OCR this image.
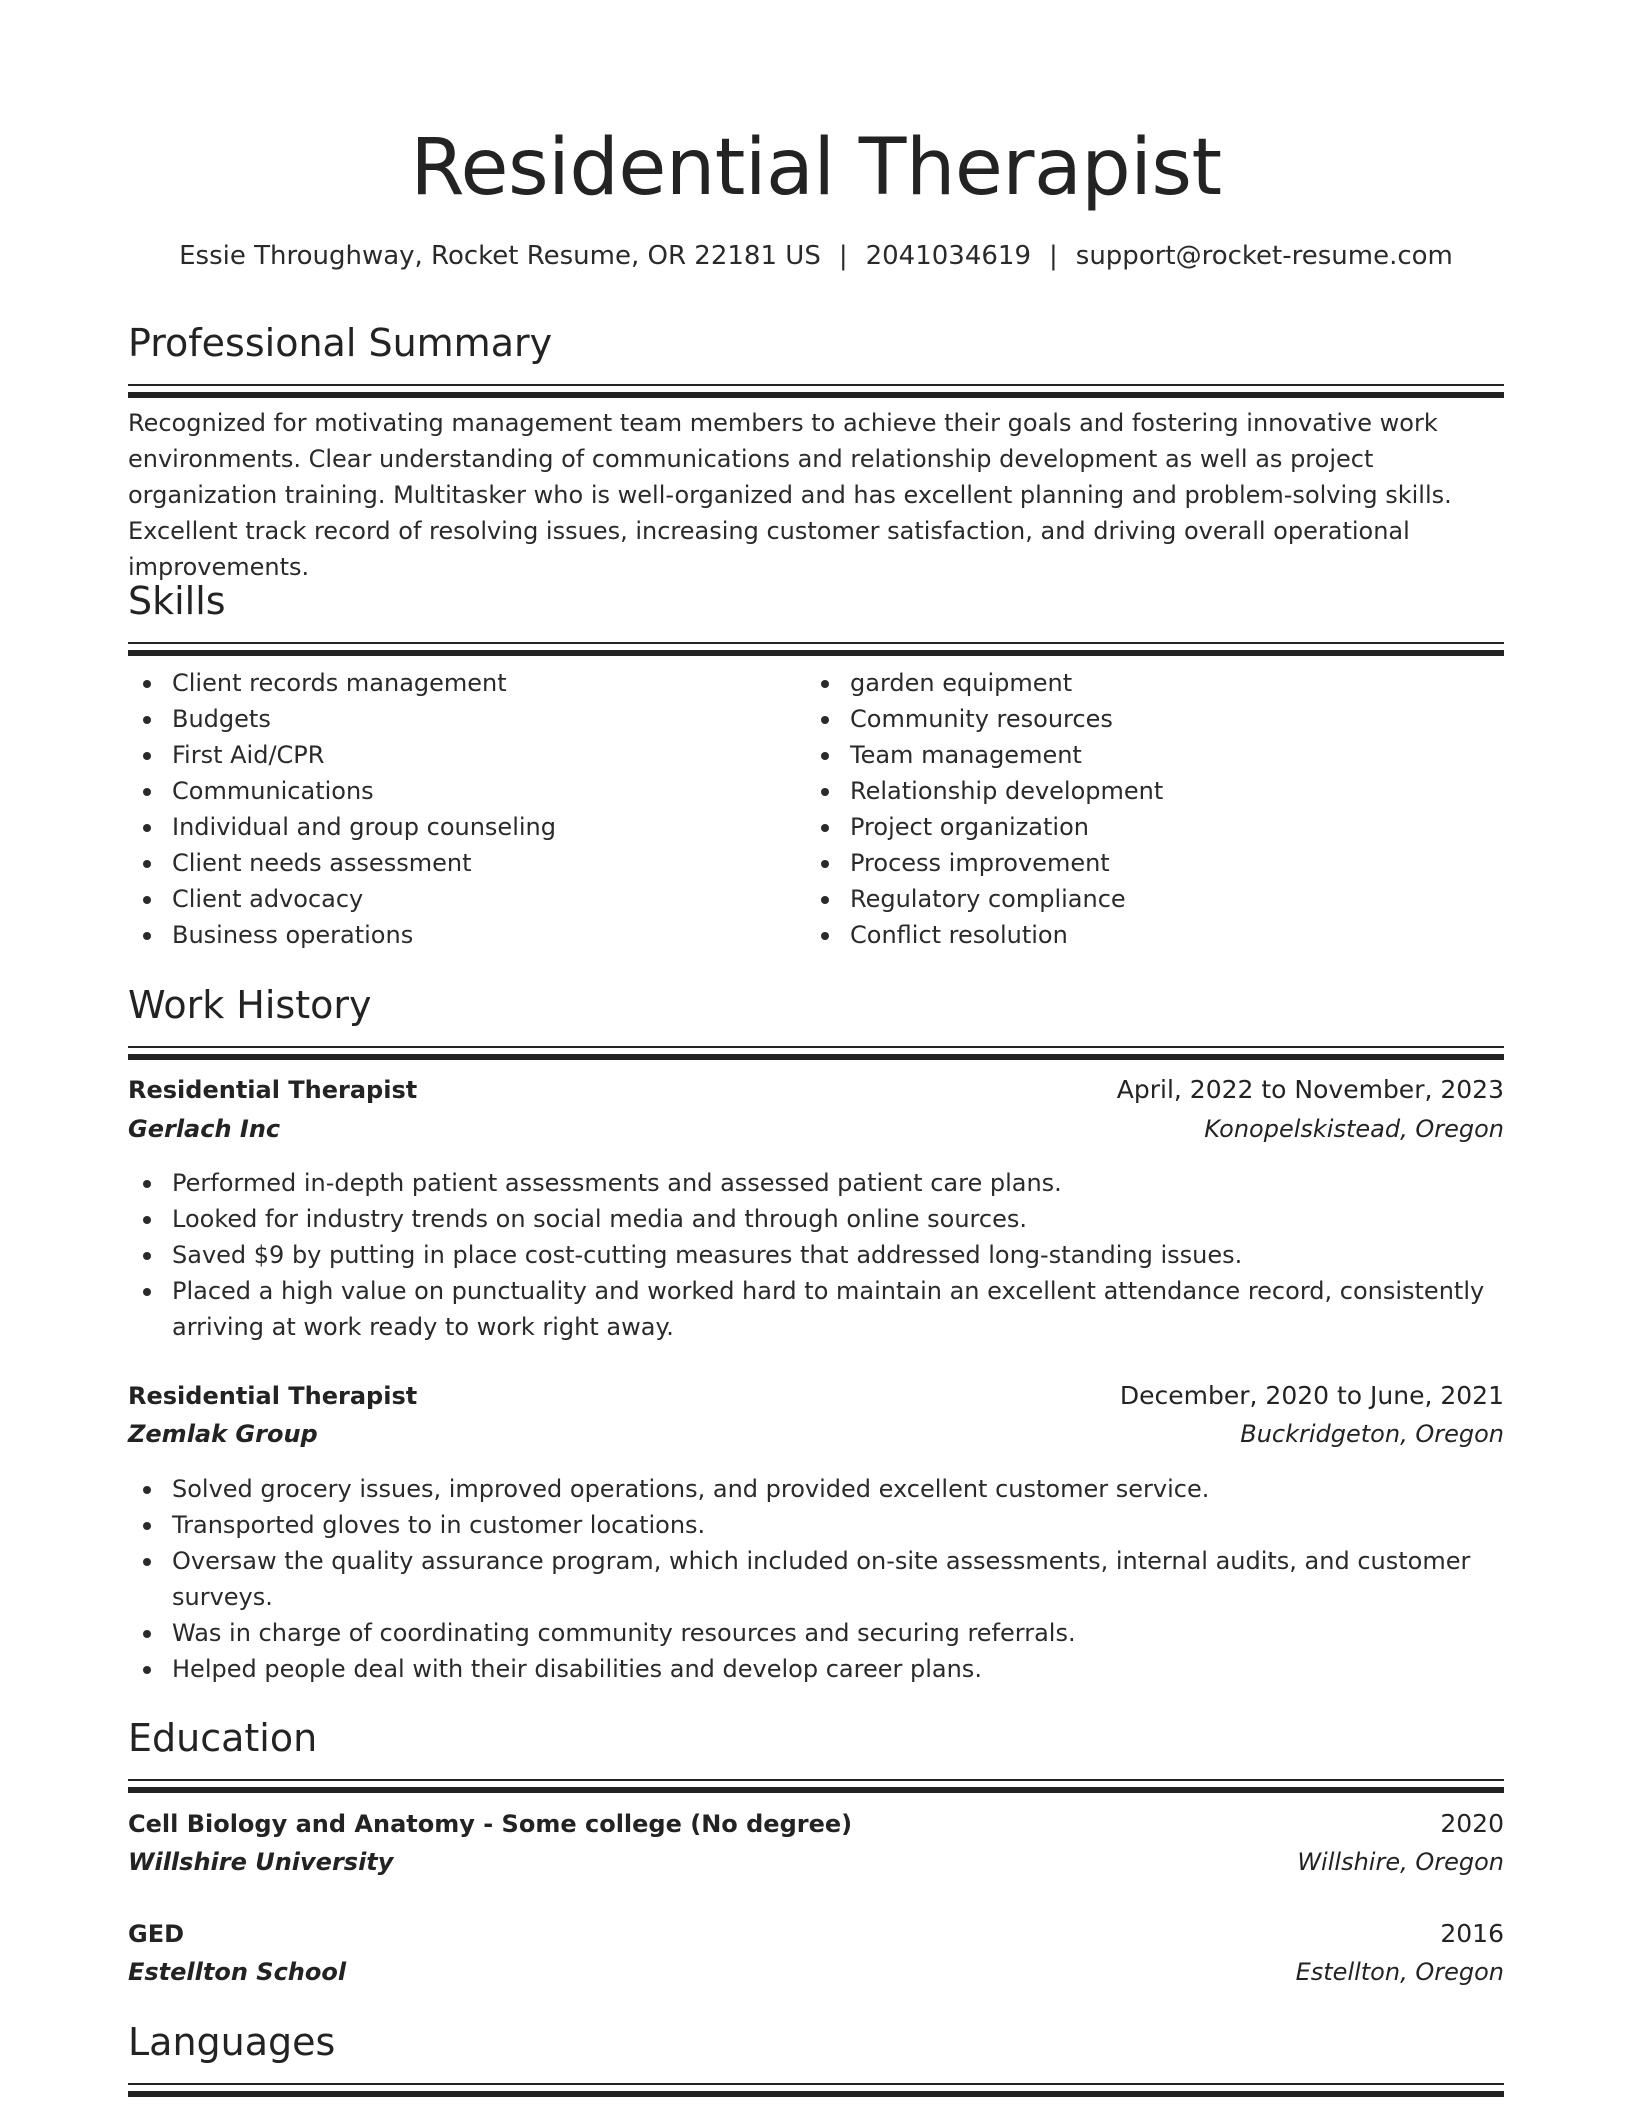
Residential Therapist
Essie Throughway, Rocket Resume, OR 22181 US | 2041034619 | support@rocket-resume.com
Professional Summary
Recognized for motivating management team members to achieve their goals and fostering innovative work environments. Clear understanding of communications and relationship development as well as project organization training. Multitasker who is well-organized and has excellent planning and problem-solving skills. Excellent track record of resolving issues, increasing customer satisfaction, and driving overall operational improvements.
Skills
Client records management
Budgets
First Aid/CPR
Communications
Individual and group counseling
Client needs assessment
Client advocacy
Business operations
garden equipment
Community resources
Team management
Relationship development
Project organization
Process improvement
Regulatory compliance
Conflict resolution
Work History
Residential Therapist	April, 2022 to November, 2023
Gerlach Inc	Konopelskistead, Oregon
Performed in-depth patient assessments and assessed patient care plans.
Looked for industry trends on social media and through online sources.
Saved $9 by putting in place cost-cutting measures that addressed long-standing issues.
Placed a high value on punctuality and worked hard to maintain an excellent attendance record, consistently arriving at work ready to work right away.
Residential Therapist	December, 2020 to June, 2021
Zemlak Group	Buckridgeton, Oregon
Solved grocery issues, improved operations, and provided excellent customer service.
Transported gloves to in customer locations.
Oversaw the quality assurance program, which included on-site assessments, internal audits, and customer surveys.
Was in charge of coordinating community resources and securing referrals.
Helped people deal with their disabilities and develop career plans.
Education
Cell Biology and Anatomy - Some college (No degree)	2020
Willshire University	Willshire, Oregon
GED	2016
Estellton School	Estellton, Oregon
Languages
